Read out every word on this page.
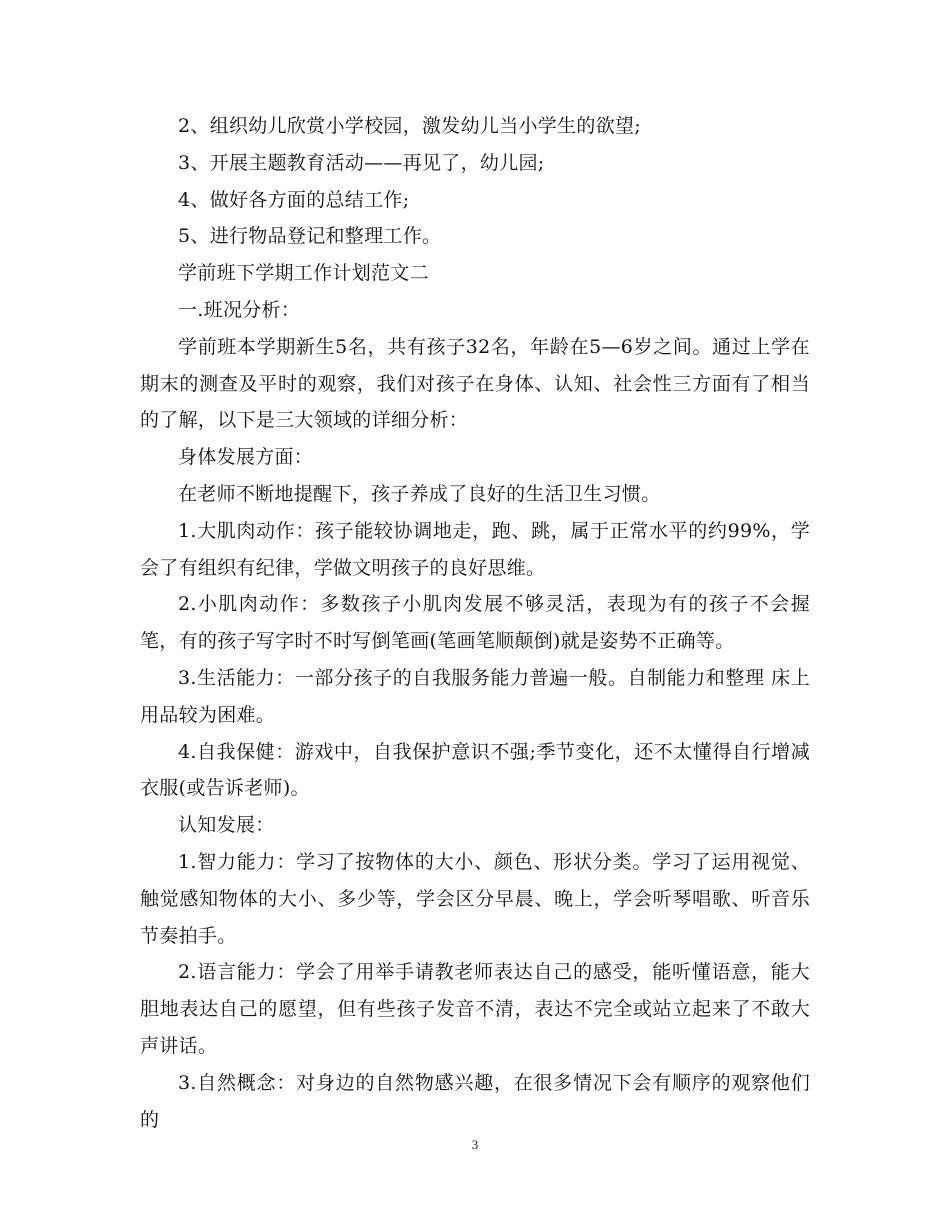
2、组织幼儿欣赏小学校园，激发幼儿当小学生的欲望;

3、开展主题教育活动——再见了，幼儿园;

4、做好各方面的总结工作;

5、进行物品登记和整理工作。

学前班下学期工作计划范文二

一.班况分析：

学前班本学期新生5名，共有孩子32名，年龄在5—6岁之间。通过上学在期末的测查及平时的观察，我们对孩子在身体、认知、社会性三方面有了相当的了解，以下是三大领域的详细分析：

身体发展方面：

在老师不断地提醒下，孩子养成了良好的生活卫生习惯。

1.大肌肉动作：孩子能较协调地走，跑、跳，属于正常水平的约99%，学会了有组织有纪律，学做文明孩子的良好思维。

2.小肌肉动作：多数孩子小肌肉发展不够灵活，表现为有的孩子不会握笔，有的孩子写字时不时写倒笔画(笔画笔顺颠倒)就是姿势不正确等。

3.生活能力：一部分孩子的自我服务能力普遍一般。自制能力和整理 床上用品较为困难。

4.自我保健：游戏中，自我保护意识不强;季节变化，还不太懂得自行增减衣服(或告诉老师)。

认知发展：

1.智力能力：学习了按物体的大小、颜色、形状分类。学习了运用视觉、触觉感知物体的大小、多少等，学会区分早晨、晚上，学会听琴唱歌、听音乐节奏拍手。

2.语言能力：学会了用举手请教老师表达自己的感受，能听懂语意，能大胆地表达自己的愿望，但有些孩子发音不清，表达不完全或站立起来了不敢大声讲话。

3.自然概念：对身边的自然物感兴趣，在很多情况下会有顺序的观察他们的

3
